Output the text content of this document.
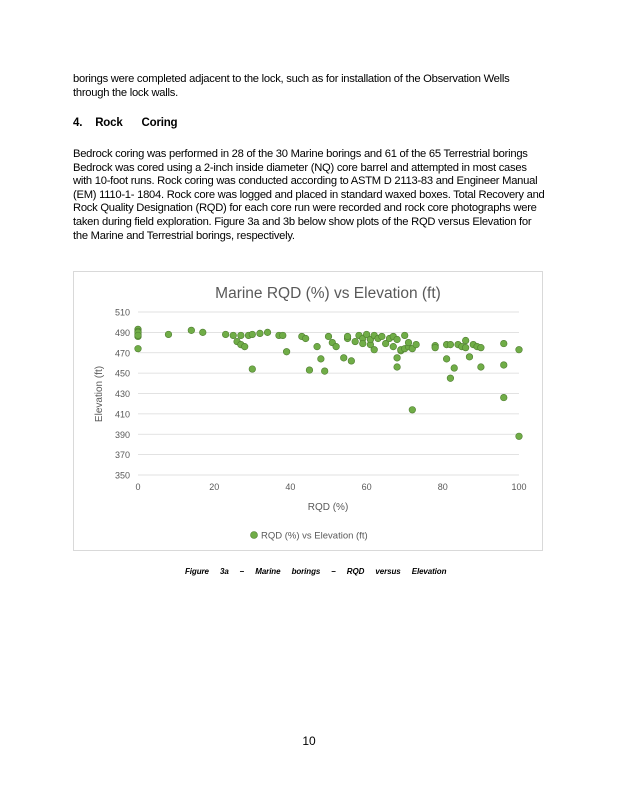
borings were completed adjacent to the lock, such as for installation of the Observation Wells through the lock walls.

4. Rock Coring

Bedrock coring was performed in 28 of the 30 Marine borings and 61 of the 65 Terrestrial borings Bedrock was cored using a 2-inch inside diameter (NQ) core barrel and attempted in most cases with 10-foot runs. Rock coring was conducted according to ASTM D 2113-83 and Engineer Manual (EM) 1110-1- 1804. Rock core was logged and placed in standard waxed boxes. Total Recovery and Rock Quality Designation (RQD) for each core run were recorded and rock core photographs were taken during field exploration. Figure 3a and 3b below show plots of the RQD versus Elevation for the Marine and Terrestrial borings, respectively.

Marine RQD (%) vs Elevation (ft)
350
370
390
410
430
450
470
490
510
0	20	40	60	80	100
RQD (%)
Elevation (ft)
RQD (%) vs Elevation (ft)
Figure 3a – Marine borings – RQD versus Elevation
10
